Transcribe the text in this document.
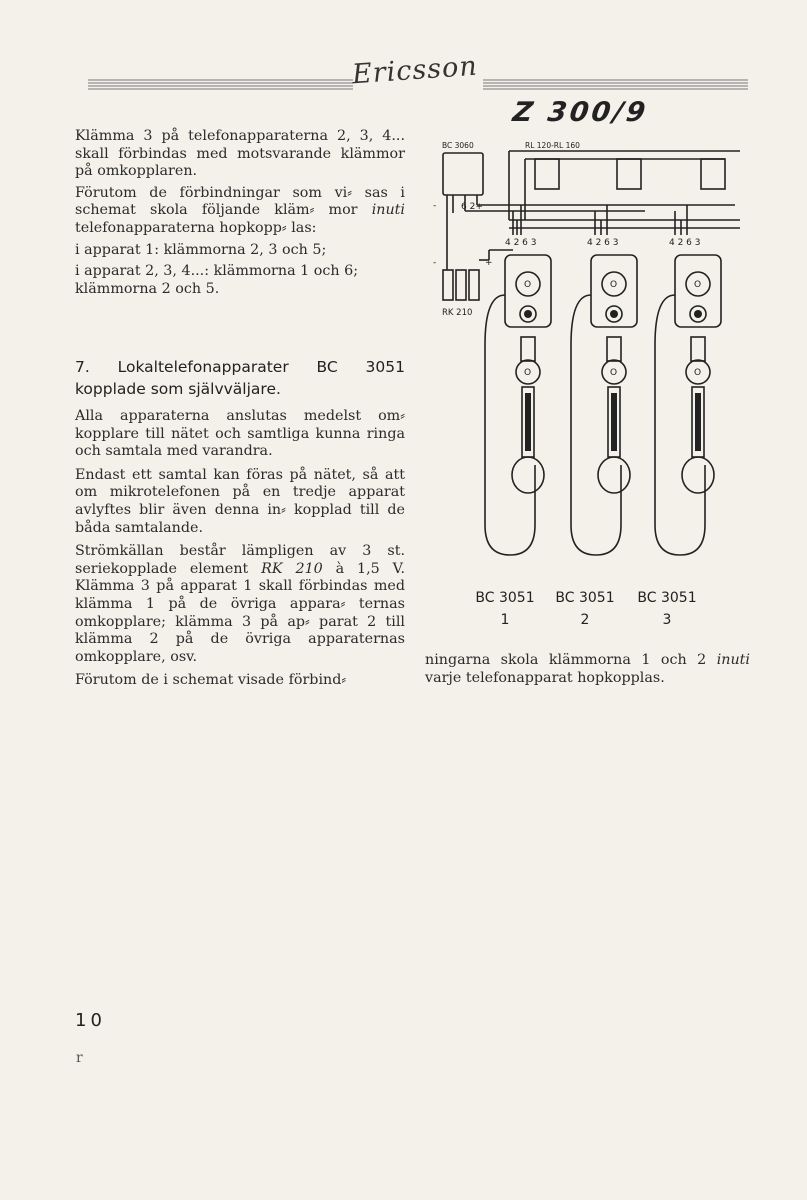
Ericsson
Z 300/9

Klämma 3 på telefonapparaterna 2, 3, 4... skall förbindas med motsvarande klämmor på omkopplaren.

Förutom de förbindningar som vi⸗ sas i schemat skola följande kläm⸗ mor inuti telefonapparaterna hopkopp⸗ las:

i apparat 1: klämmorna 2, 3 och 5;

i apparat 2, 3, 4...: klämmorna 1 och 6; klämmorna 2 och 5.

7. Lokaltelefonapparater BC 3051 kopplade som självväljare.

Alla apparaterna anslutas medelst om⸗ kopplare till nätet och samtliga kunna ringa och samtala med varandra.

Endast ett samtal kan föras på nätet, så att om mikrotelefonen på en tredje apparat avlyftes blir även denna in⸗ kopplad till de båda samtalande.

Strömkällan består lämpligen av 3 st. seriekopplade element RK 210 à 1,5 V. Klämma 3 på apparat 1 skall förbindas med klämma 1 på de övriga appara⸗ ternas omkopplare; klämma 3 på ap⸗ parat 2 till klämma 2 på de övriga apparaternas omkopplare, osv.

Förutom de i schemat visade förbind⸗

BC 3060	RL 120-RL 160
RK 210
O	O	O
O	O	O
-	6 2+
-	+
4 2 6 3	4 2 6 3	4 2 6 3
BC 3051
1
BC 3051
2
BC 3051
3
ningarna skola klämmorna 1 och 2 inuti varje telefonapparat hopkopplas.
10
r
